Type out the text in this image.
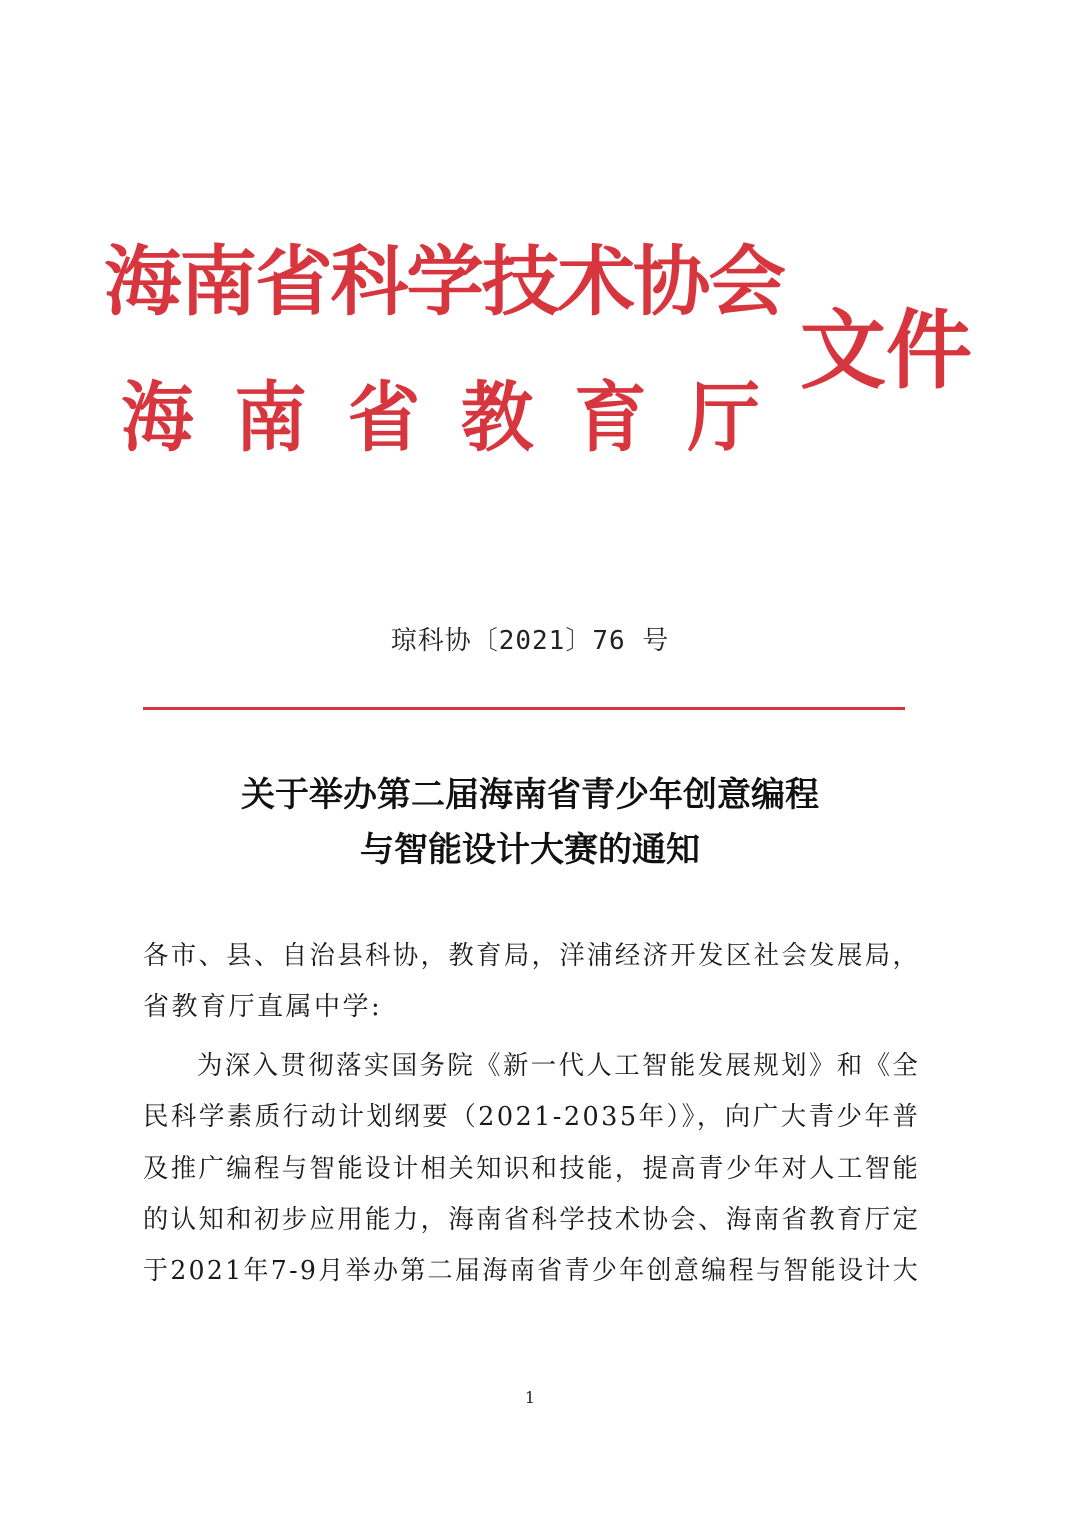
海南省科学技术协会
海南省教育厅
文件
琼科协〔2021〕76 号
关于举办第二届海南省青少年创意编程
与智能设计大赛的通知
各市、县、自治县科协，教育局，洋浦经济开发区社会发展局，
省教育厅直属中学:
为深入贯彻落实国务院《新一代人工智能发展规划》和《全
民科学素质行动计划纲要（2021-2035年）》，向广大青少年普
及推广编程与智能设计相关知识和技能，提高青少年对人工智能
的认知和初步应用能力，海南省科学技术协会、海南省教育厅定
于2021年7-9月举办第二届海南省青少年创意编程与智能设计大
1
